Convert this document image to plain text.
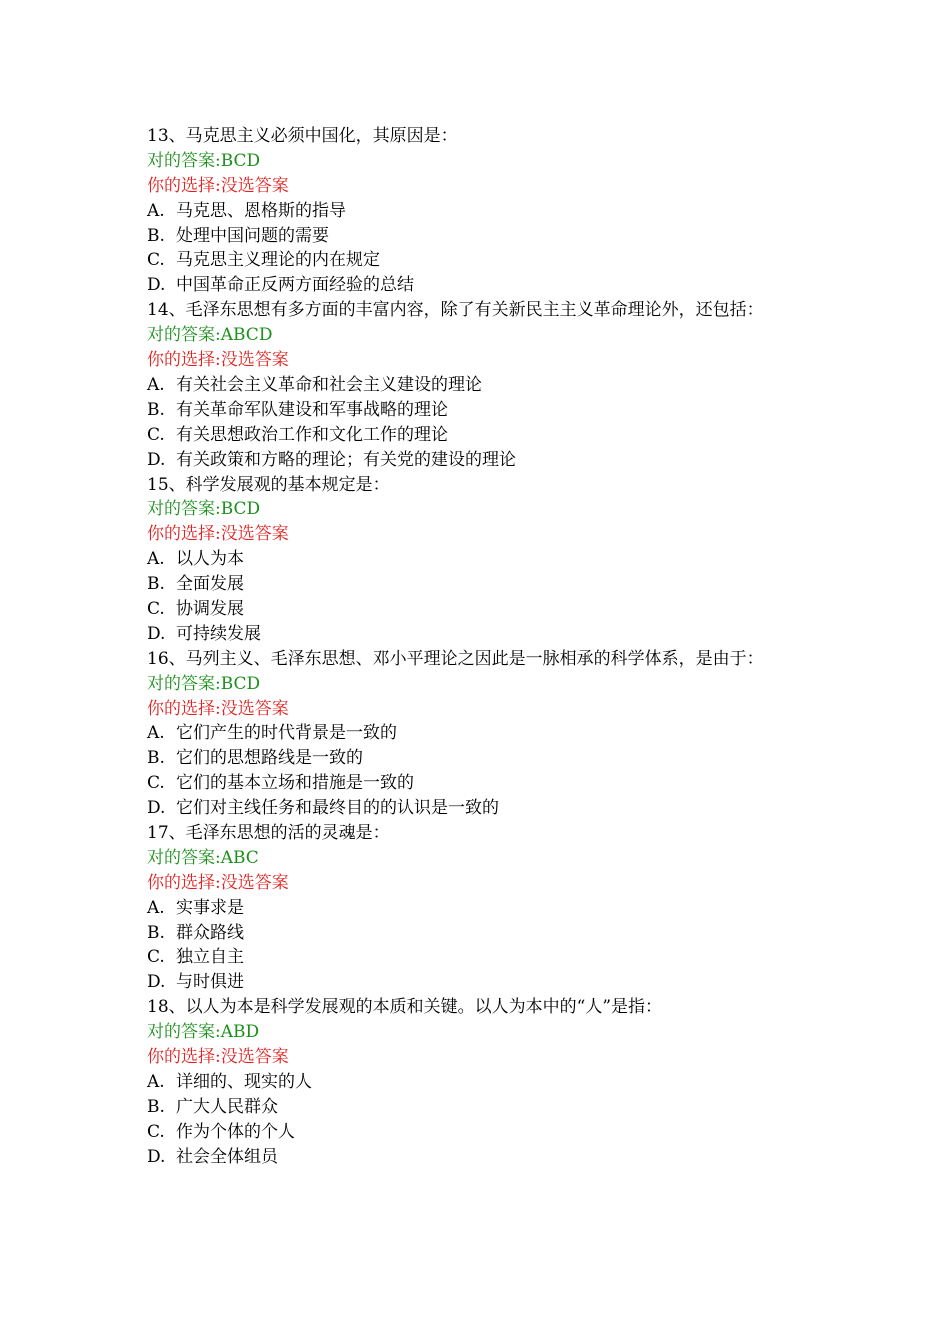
13、马克思主义必须中国化，其原因是：
对的答案:BCD
你的选择:没选答案
A. 马克思、恩格斯的指导
B. 处理中国问题的需要
C. 马克思主义理论的内在规定
D. 中国革命正反两方面经验的总结
14、毛泽东思想有多方面的丰富内容，除了有关新民主主义革命理论外，还包括：
对的答案:ABCD
你的选择:没选答案
A. 有关社会主义革命和社会主义建设的理论
B. 有关革命军队建设和军事战略的理论
C. 有关思想政治工作和文化工作的理论
D. 有关政策和方略的理论；有关党的建设的理论
15、科学发展观的基本规定是：
对的答案:BCD
你的选择:没选答案
A. 以人为本
B. 全面发展
C. 协调发展
D. 可持续发展
16、马列主义、毛泽东思想、邓小平理论之因此是一脉相承的科学体系，是由于：
对的答案:BCD
你的选择:没选答案
A. 它们产生的时代背景是一致的
B. 它们的思想路线是一致的
C. 它们的基本立场和措施是一致的
D. 它们对主线任务和最终目的的认识是一致的
17、毛泽东思想的活的灵魂是：
对的答案:ABC
你的选择:没选答案
A. 实事求是
B. 群众路线
C. 独立自主
D. 与时俱进
18、以人为本是科学发展观的本质和关键。以人为本中的“人”是指：
对的答案:ABD
你的选择:没选答案
A. 详细的、现实的人
B. 广大人民群众
C. 作为个体的个人
D. 社会全体组员
